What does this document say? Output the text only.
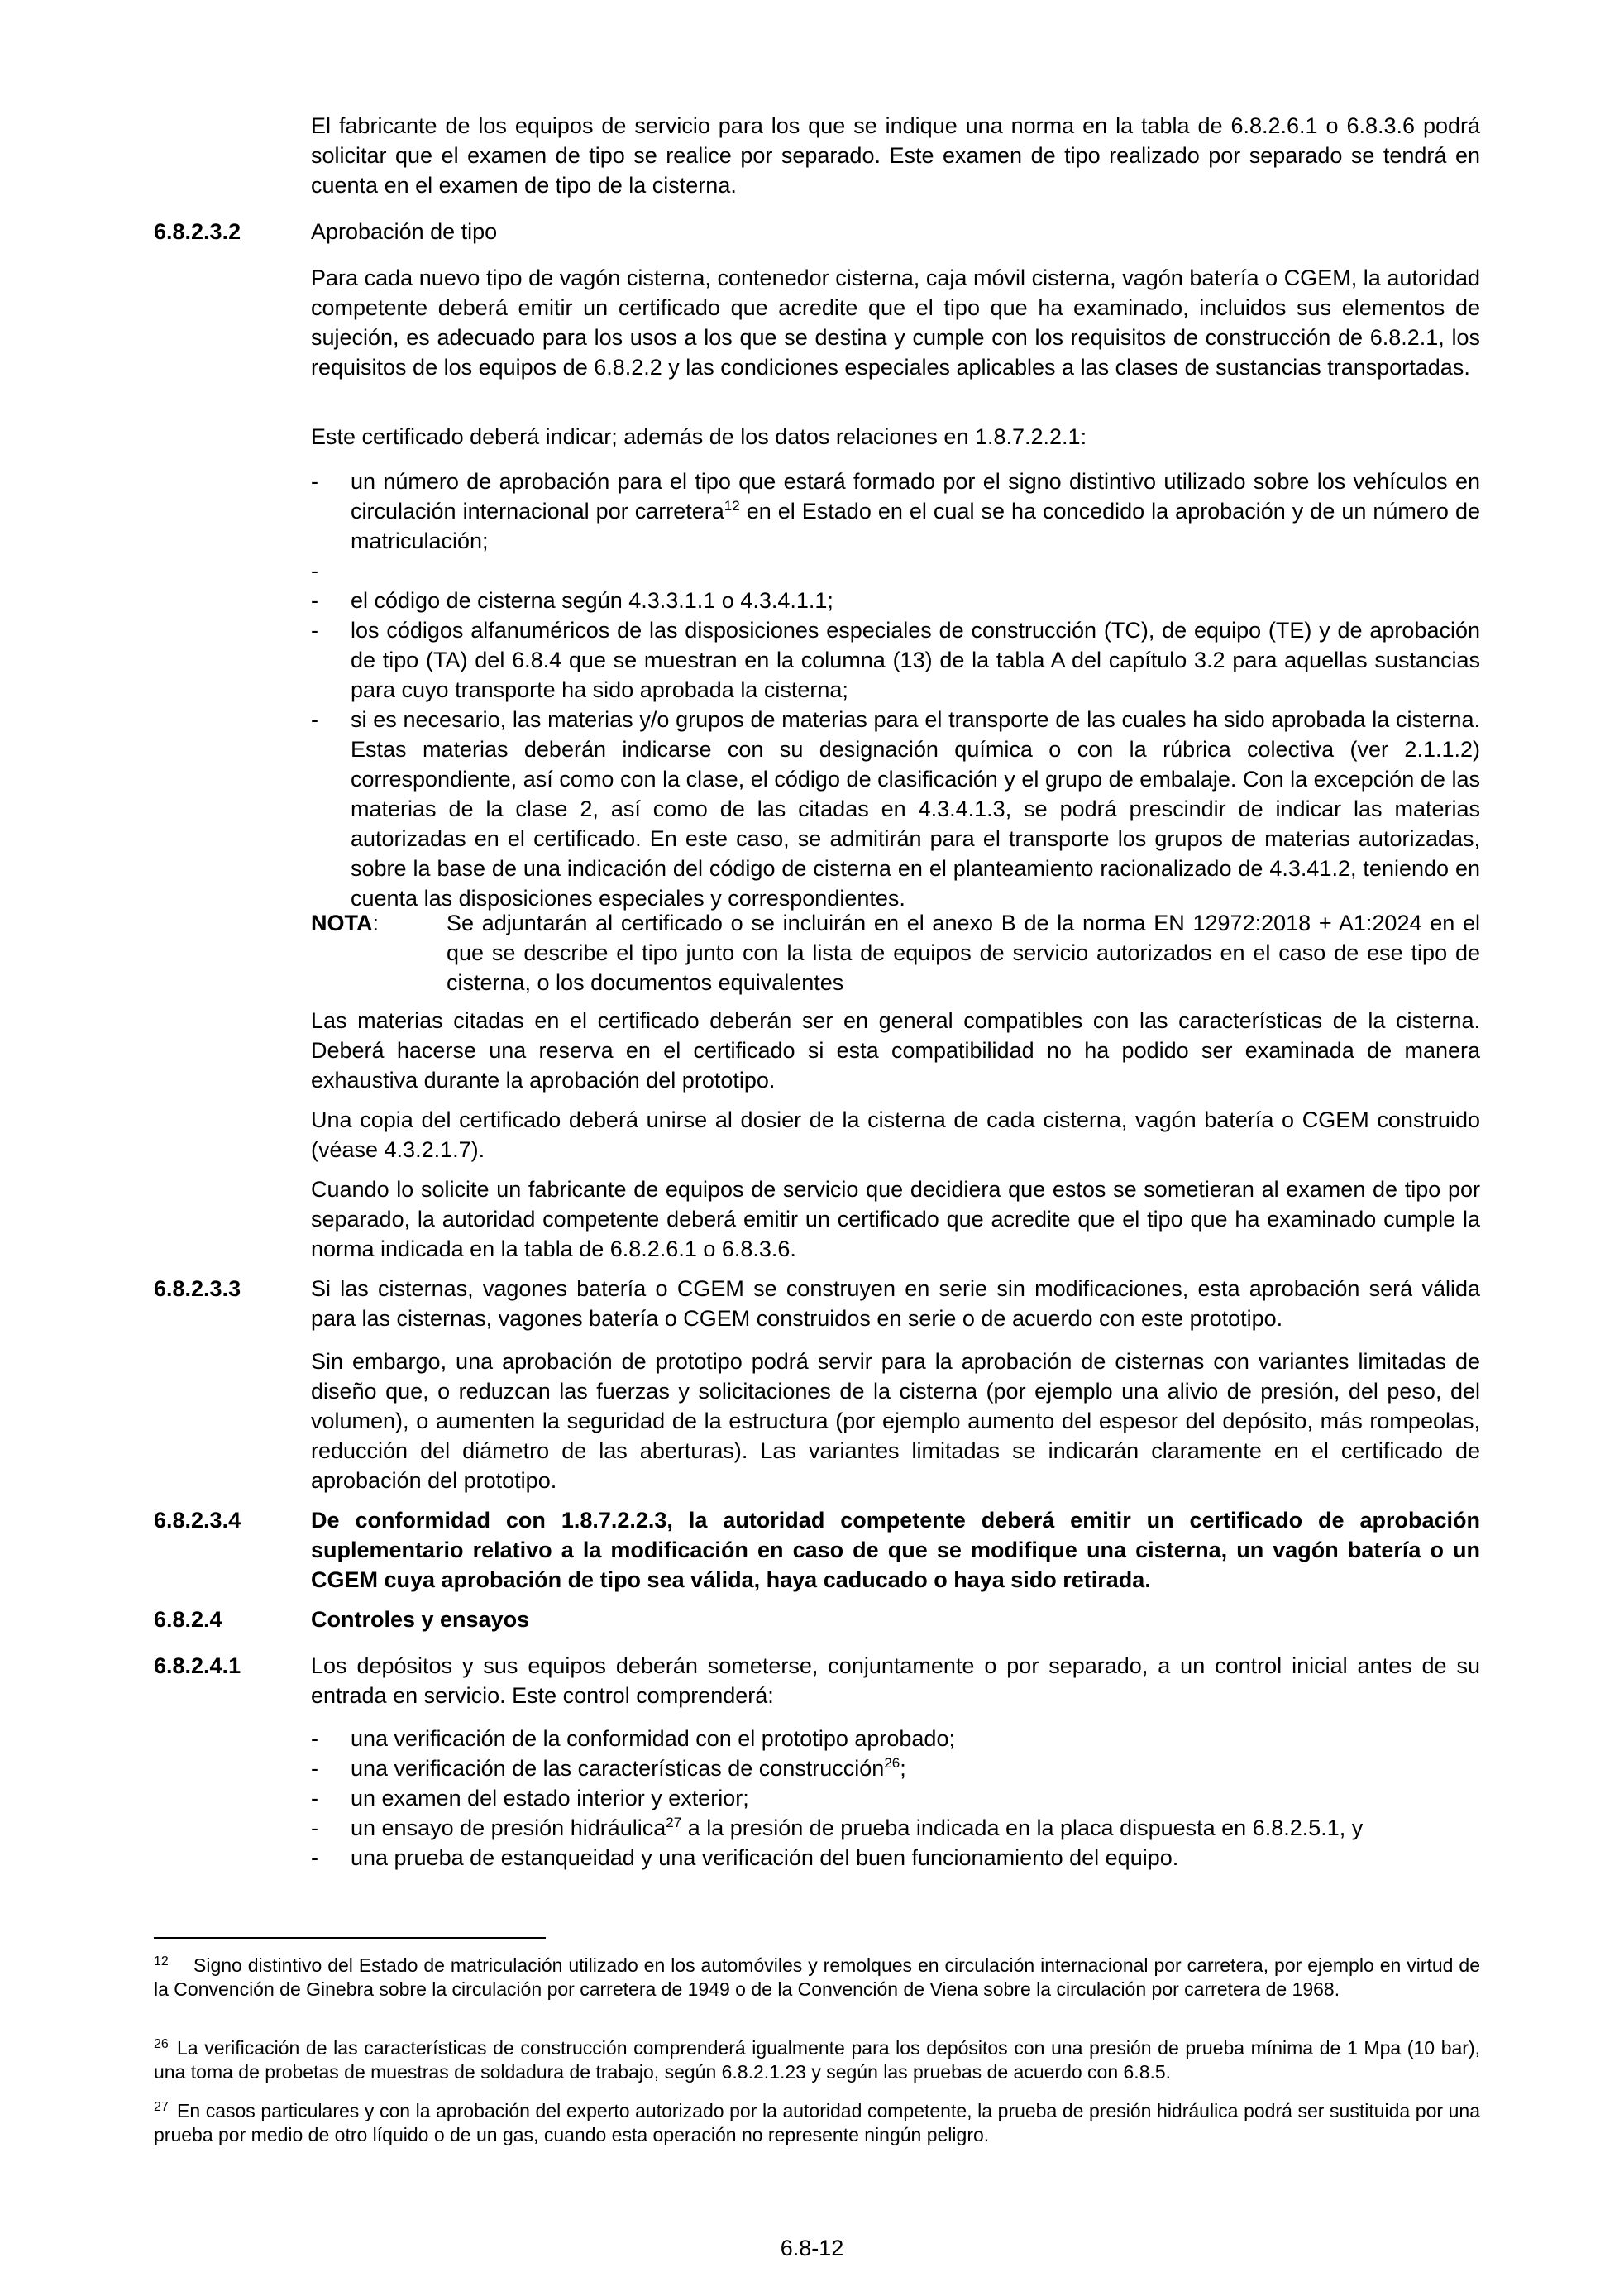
El fabricante de los equipos de servicio para los que se indique una norma en la tabla de 6.8.2.6.1 o 6.8.3.6 podrá solicitar que el examen de tipo se realice por separado. Este examen de tipo realizado por separado se tendrá en cuenta en el examen de tipo de la cisterna.
6.8.2.3.2	Aprobación de tipo
Para cada nuevo tipo de vagón cisterna, contenedor cisterna, caja móvil cisterna, vagón batería o CGEM, la autoridad competente deberá emitir un certificado que acredite que el tipo que ha examinado, incluidos sus elementos de sujeción, es adecuado para los usos a los que se destina y cumple con los requisitos de construcción de 6.8.2.1, los requisitos de los equipos de 6.8.2.2 y las condiciones especiales aplicables a las clases de sustancias transportadas.
Este certificado deberá indicar; además de los datos relaciones en 1.8.7.2.2.1:
- un número de aprobación para el tipo que estará formado por el signo distintivo utilizado sobre los vehículos en circulación internacional por carretera$^{12}$ en el Estado en el cual se ha concedido la aprobación y de un número de matriculación;
-
- el código de cisterna según 4.3.3.1.1 o 4.3.4.1.1;
- los códigos alfanuméricos de las disposiciones especiales de construcción (TC), de equipo (TE) y de aprobación de tipo (TA) del 6.8.4 que se muestran en la columna (13) de la tabla A del capítulo 3.2 para aquellas sustancias para cuyo transporte ha sido aprobada la cisterna;
- si es necesario, las materias y/o grupos de materias para el transporte de las cuales ha sido aprobada la cisterna. Estas materias deberán indicarse con su designación química o con la rúbrica colectiva (ver 2.1.1.2) correspondiente, así como con la clase, el código de clasificación y el grupo de embalaje. Con la excepción de las materias de la clase 2, así como de las citadas en 4.3.4.1.3, se podrá prescindir de indicar las materias autorizadas en el certificado. En este caso, se admitirán para el transporte los grupos de materias autorizadas, sobre la base de una indicación del código de cisterna en el planteamiento racionalizado de 4.3.41.2, teniendo en cuenta las disposiciones especiales y correspondientes.
NOTA:	Se adjuntarán al certificado o se incluirán en el anexo B de la norma EN 12972:2018 + A1:2024 en el que se describe el tipo junto con la lista de equipos de servicio autorizados en el caso de ese tipo de cisterna, o los documentos equivalentes
Las materias citadas en el certificado deberán ser en general compatibles con las características de la cisterna. Deberá hacerse una reserva en el certificado si esta compatibilidad no ha podido ser examinada de manera exhaustiva durante la aprobación del prototipo.
Una copia del certificado deberá unirse al dosier de la cisterna de cada cisterna, vagón batería o CGEM construido (véase 4.3.2.1.7).
Cuando lo solicite un fabricante de equipos de servicio que decidiera que estos se sometieran al examen de tipo por separado, la autoridad competente deberá emitir un certificado que acredite que el tipo que ha examinado cumple la norma indicada en la tabla de 6.8.2.6.1 o 6.8.3.6.
6.8.2.3.3	Si las cisternas, vagones batería o CGEM se construyen en serie sin modificaciones, esta aprobación será válida para las cisternas, vagones batería o CGEM construidos en serie o de acuerdo con este prototipo.
Sin embargo, una aprobación de prototipo podrá servir para la aprobación de cisternas con variantes limitadas de diseño que, o reduzcan las fuerzas y solicitaciones de la cisterna (por ejemplo una alivio de presión, del peso, del volumen), o aumenten la seguridad de la estructura (por ejemplo aumento del espesor del depósito, más rompeolas, reducción del diámetro de las aberturas). Las variantes limitadas se indicarán claramente en el certificado de aprobación del prototipo.
6.8.2.3.4	De conformidad con 1.8.7.2.2.3, la autoridad competente deberá emitir un certificado de aprobación suplementario relativo a la modificación en caso de que se modifique una cisterna, un vagón batería o un CGEM cuya aprobación de tipo sea válida, haya caducado o haya sido retirada.
6.8.2.4	Controles y ensayos
6.8.2.4.1	Los depósitos y sus equipos deberán someterse, conjuntamente o por separado, a un control inicial antes de su entrada en servicio. Este control comprenderá:
- una verificación de la conformidad con el prototipo aprobado;
- una verificación de las características de construcción$^{26}$;
- un examen del estado interior y exterior;
- un ensayo de presión hidráulica$^{27}$ a la presión de prueba indicada en la placa dispuesta en 6.8.2.5.1, y
- una prueba de estanqueidad y una verificación del buen funcionamiento del equipo.
12 Signo distintivo del Estado de matriculación utilizado en los automóviles y remolques en circulación internacional por carretera, por ejemplo en virtud de la Convención de Ginebra sobre la circulación por carretera de 1949 o de la Convención de Viena sobre la circulación por carretera de 1968.
26 La verificación de las características de construcción comprenderá igualmente para los depósitos con una presión de prueba mínima de 1 Mpa (10 bar), una toma de probetas de muestras de soldadura de trabajo, según 6.8.2.1.23 y según las pruebas de acuerdo con 6.8.5.
27 En casos particulares y con la aprobación del experto autorizado por la autoridad competente, la prueba de presión hidráulica podrá ser sustituida por una prueba por medio de otro líquido o de un gas, cuando esta operación no represente ningún peligro.
6.8-12
